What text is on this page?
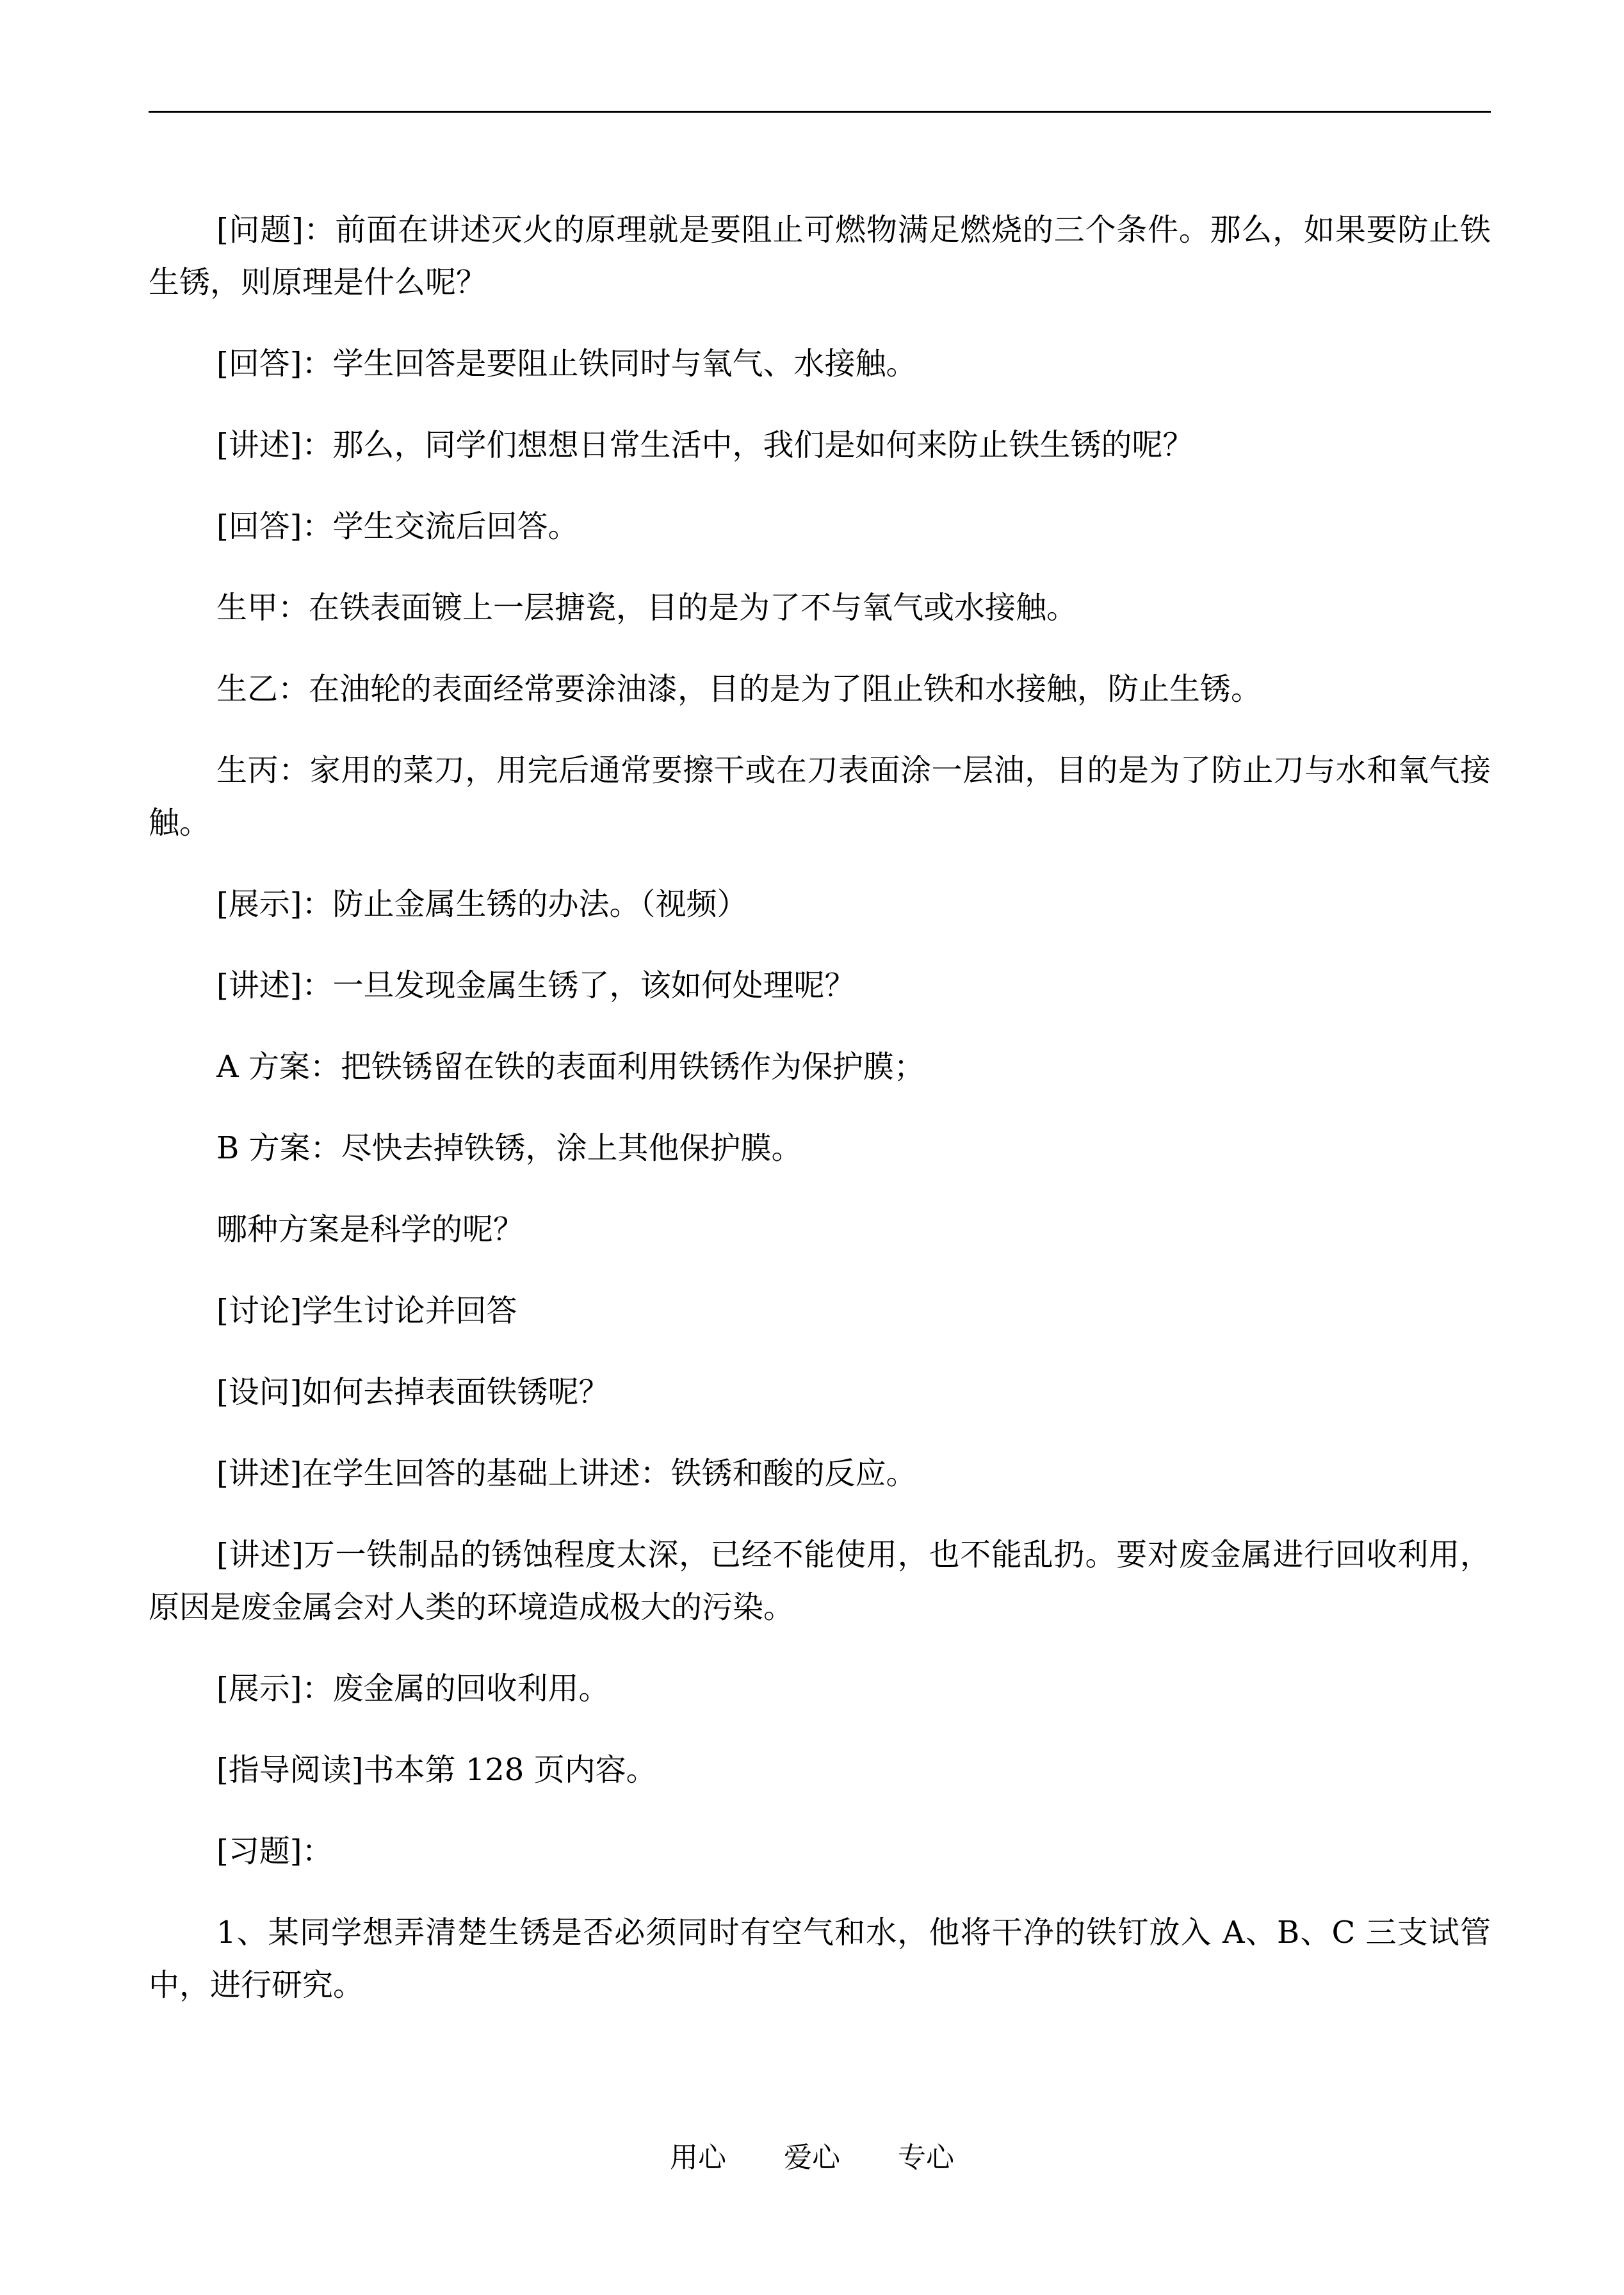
[问题]：前面在讲述灭火的原理就是要阻止可燃物满足燃烧的三个条件。那么，如果要防止铁生锈，则原理是什么呢？

[回答]：学生回答是要阻止铁同时与氧气、水接触。

[讲述]：那么，同学们想想日常生活中，我们是如何来防止铁生锈的呢？

[回答]：学生交流后回答。

生甲：在铁表面镀上一层搪瓷，目的是为了不与氧气或水接触。

生乙：在油轮的表面经常要涂油漆，目的是为了阻止铁和水接触，防止生锈。

生丙：家用的菜刀，用完后通常要擦干或在刀表面涂一层油，目的是为了防止刀与水和氧气接触。

[展示]：防止金属生锈的办法。（视频）

[讲述]：一旦发现金属生锈了，该如何处理呢？

A 方案：把铁锈留在铁的表面利用铁锈作为保护膜；

B 方案：尽快去掉铁锈，涂上其他保护膜。

哪种方案是科学的呢？

[讨论]学生讨论并回答

[设问]如何去掉表面铁锈呢？

[讲述]在学生回答的基础上讲述：铁锈和酸的反应。

[讲述]万一铁制品的锈蚀程度太深，已经不能使用，也不能乱扔。要对废金属进行回收利用，原因是废金属会对人类的环境造成极大的污染。

[展示]：废金属的回收利用。

[指导阅读]书本第 128 页内容。

[习题]：

1、某同学想弄清楚生锈是否必须同时有空气和水，他将干净的铁钉放入 A、B、C 三支试管中，进行研究。

用心 爱心 专心
